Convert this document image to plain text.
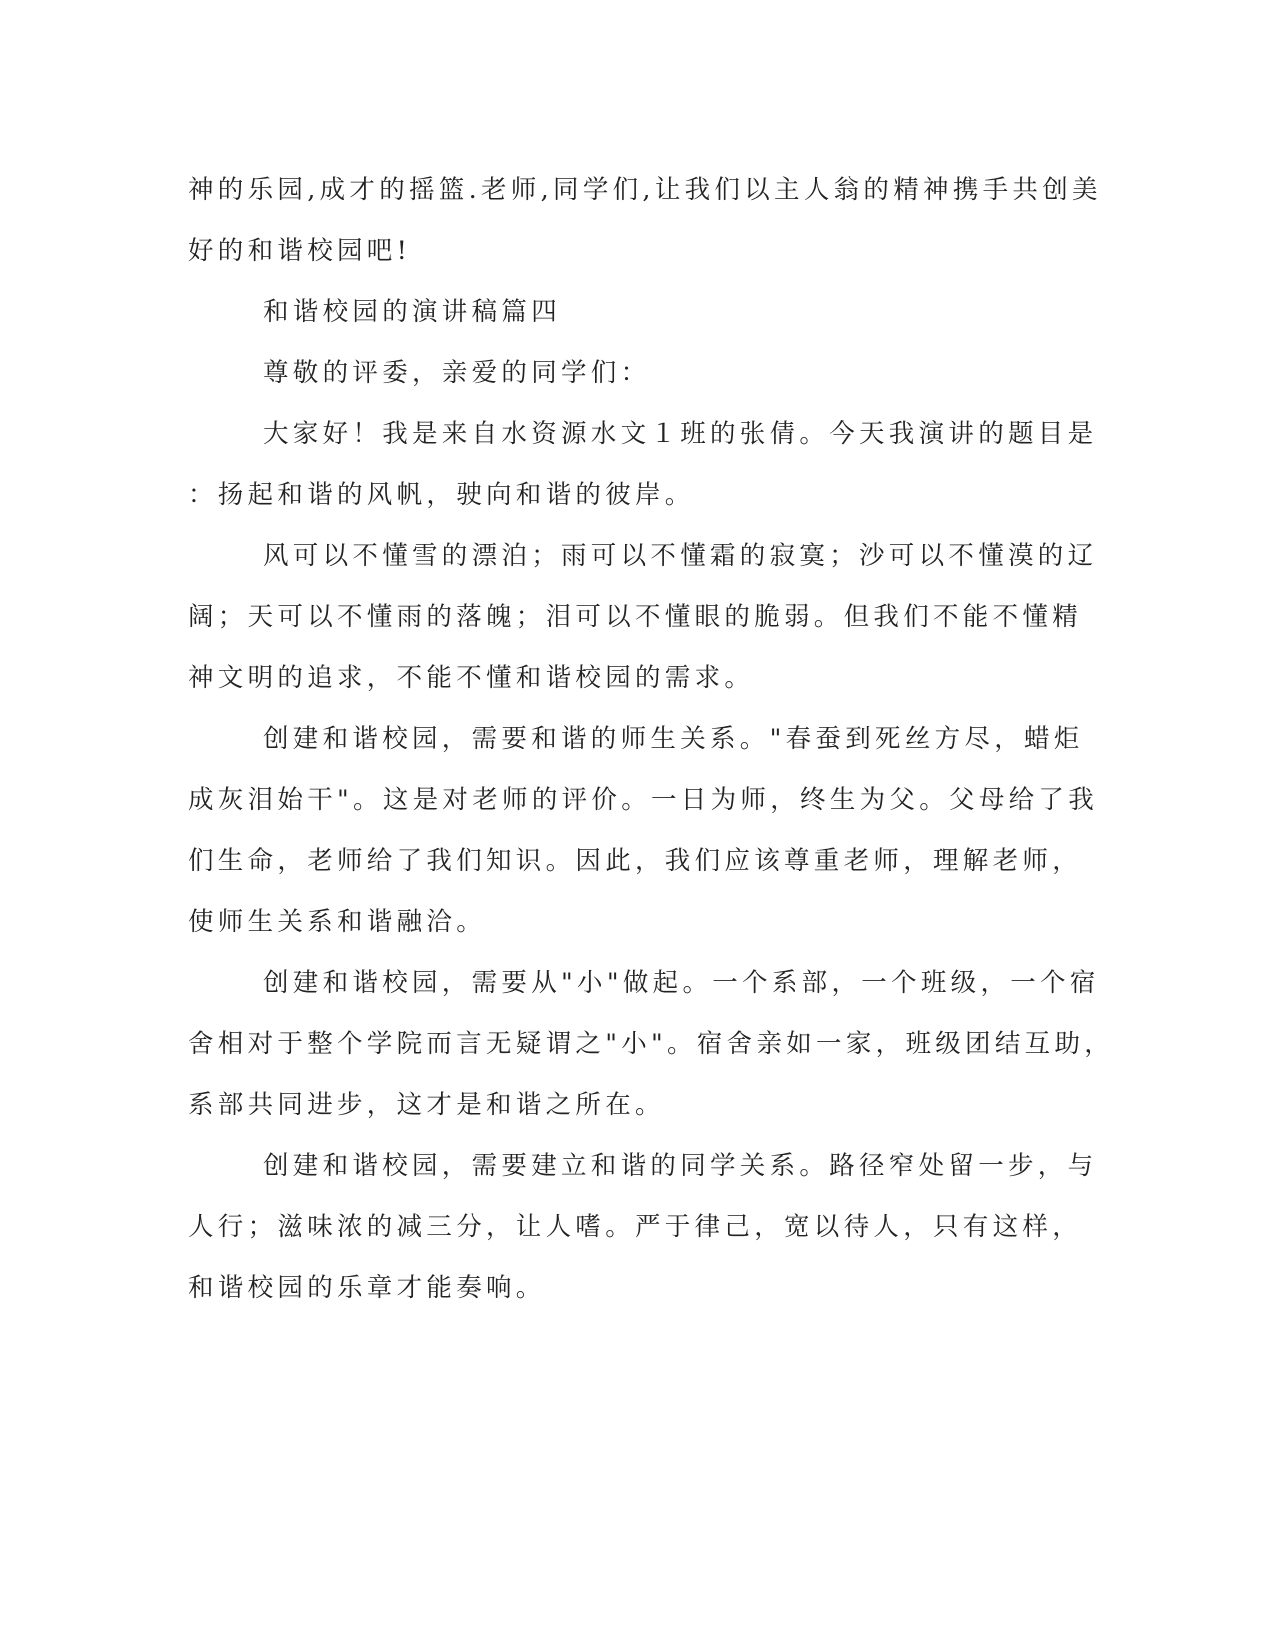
神的乐园,成才的摇篮.老师,同学们,让我们以主人翁的精神携手共创美
好的和谐校园吧!
和谐校园的演讲稿篇四
尊敬的评委，亲爱的同学们：
大家好！我是来自水资源水文１班的张倩。今天我演讲的题目是
：扬起和谐的风帆，驶向和谐的彼岸。
风可以不懂雪的漂泊；雨可以不懂霜的寂寞；沙可以不懂漠的辽
阔；天可以不懂雨的落魄；泪可以不懂眼的脆弱。但我们不能不懂精
神文明的追求，不能不懂和谐校园的需求。
创建和谐校园，需要和谐的师生关系。"春蚕到死丝方尽，蜡炬
成灰泪始干"。这是对老师的评价。一日为师，终生为父。父母给了我
们生命，老师给了我们知识。因此，我们应该尊重老师，理解老师，
使师生关系和谐融洽。
创建和谐校园，需要从"小"做起。一个系部，一个班级，一个宿
舍相对于整个学院而言无疑谓之"小"。宿舍亲如一家，班级团结互助，
系部共同进步，这才是和谐之所在。
创建和谐校园，需要建立和谐的同学关系。路径窄处留一步，与
人行；滋味浓的减三分，让人嗜。严于律己，宽以待人，只有这样，
和谐校园的乐章才能奏响。
